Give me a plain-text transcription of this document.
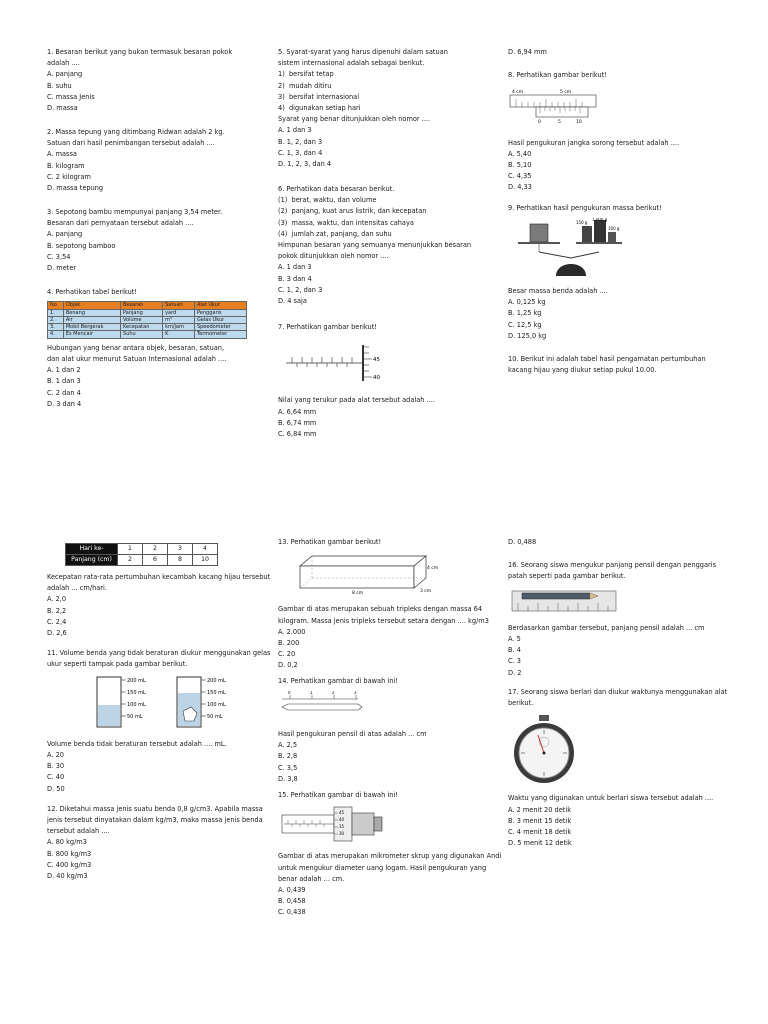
1. Besaran berikut yang bukan termasuk besaran pokok
adalah ....

A. panjang
B. suhu
C. massa Jenis
D. massa

2. Massa tepung yang ditimbang Ridwan adalah 2 kg.
Satuan dari hasil penimbangan tersebut adalah ....

A. massa
B. kilogram
C. 2 kilogram
D. massa tepung

3. Sepotong bambu mempunyai panjang 3,54 meter.
Besaran dari pernyataan tersebut adalah ....

A. panjang
B. sepotong bamboo
C. 3,54
D. meter

4. Perhatikan tabel berikut!

No	Objek	Besaran	Satuan	Alat Ukur
1.	Benang	Panjang	yard	Penggaris
2.	Air	Volume	m³	Gelas Ukur
3.	Mobil Bergerak	Kecepatan	km/jam	Speedometer
4.	Es Mencair	Suhu	K	Termometer

Hubungan yang benar antara objek, besaran, satuan,
dan alat ukur menurut Satuan Internasional adalah ....

A. 1 dan 2
B. 1 dan 3
C. 2 dan 4
D. 3 dan 4
Hari ke-	1	2	3	4
Panjang (cm)	2	6	8	10

Kecepatan rata-rata pertumbuhan kecambah kacang hijau tersebut adalah ... cm/hari.

A. 2,0
B. 2,2
C. 2,4
D. 2,6

11. Volume benda yang tidak beraturan diukur menggunakan gelas ukur seperti tampak pada gambar berikut.

200 mL
150 mL
100 mL
50 mL
200 mL
150 mL
100 mL
50 mL

Volume benda tidak beraturan tersebut adalah .... mL.

A. 20
B. 30
C. 40
D. 50

12. Diketahui massa jenis suatu benda 0,8 g/cm3. Apabila massa jenis tersebut dinyatakan dalam kg/m3, maka massa jenis benda tersebut adalah ....

A. 80 kg/m3
B. 800 kg/m3
C. 400 kg/m3
D. 40 kg/m3

5. Syarat-syarat yang harus dipenuhi dalam satuan
sistem internasional adalah sebagai berikut.
1)  bersifat tetap
2)  mudah ditiru
3)  bersifat internasional
4)  digunakan setiap hari
Syarat yang benar ditunjukkan oleh nomor ....

A. 1 dan 3
B. 1, 2, dan 3
C. 1, 3, dan 4
D. 1, 2, 3, dan 4

6. Perhatikan data besaran berikut.
(1)  berat, waktu, dan volume
(2)  panjang, kuat arus listrik, dan kecepatan
(3)  massa, waktu, dan intensitas cahaya
(4)  jumlah zat, panjang, dan suhu
Himpunan besaran yang semuanya menunjukkan besaran
pokok ditunjukkan oleh nomor ....

A. 1 dan 3
B. 3 dan 4
C. 1, 2, dan 3
D. 4 saja

7. Perhatikan gambar berikut!

45
40

Nilai yang terukur pada alat tersebut adalah ....

A. 6,64 mm
B. 6,74 mm
C. 6,84 mm

13. Perhatikan gambar berikut!

4 cm
8 cm	3 cm

Gambar di atas merupakan sebuah tripleks dengan massa 64 kilogram. Massa jenis tripleks tersebut setara dengan .... kg/m3

A. 2.000
B. 200
C. 20
D. 0,2

14. Perhatikan gambar di bawah ini!

0	1	2	3

Hasil pengukuran pensil di atas adalah ... cm

A. 2,5
B. 2,8
C. 3,5
D. 3,8

15. Perhatikan gambar di bawah ini!

45
40
35
30

Gambar di atas merupakan mikrometer skrup yang digunakan Andi untuk mengukur diameter uang logam. Hasil pengukuran yang benar adalah ... cm.

A. 0,439
B. 0,458
C. 0,438
D. 6,94 mm

8. Perhatikan gambar berikut!

4 cm	5 cm
0	5	10

Hasil pengukuran jangka sorong tersebut adalah ....

A. 5,40
B. 5,10
C. 4,35
D. 4,33

9. Perhatikan hasil pengukuran massa berikut!

1.000 g
150 g
100 g

Besar massa benda adalah ....

A. 0,125 kg
B. 1,25 kg
C. 12,5 kg
D. 125,0 kg

10. Berikut ini adalah tabel hasil pengamatan pertumbuhan kacang hijau yang diukur setiap pukul 10.00.

D. 0,488

16. Seorang siswa mengukur panjang pensil dengan penggaris patah seperti pada gambar berikut.

Berdasarkan gambar tersebut, panjang pensil adalah ... cm

A. 5
B. 4
C. 3
D. 2

17. Seorang siswa berlari dan diukur waktunya menggunakan alat berikut.

Waktu yang digunakan untuk berlari siswa tersebut adalah ....

A. 2 menit 20 detik
B. 3 menit 15 detik
C. 4 menit 18 detik
D. 5 menit 12 detik
